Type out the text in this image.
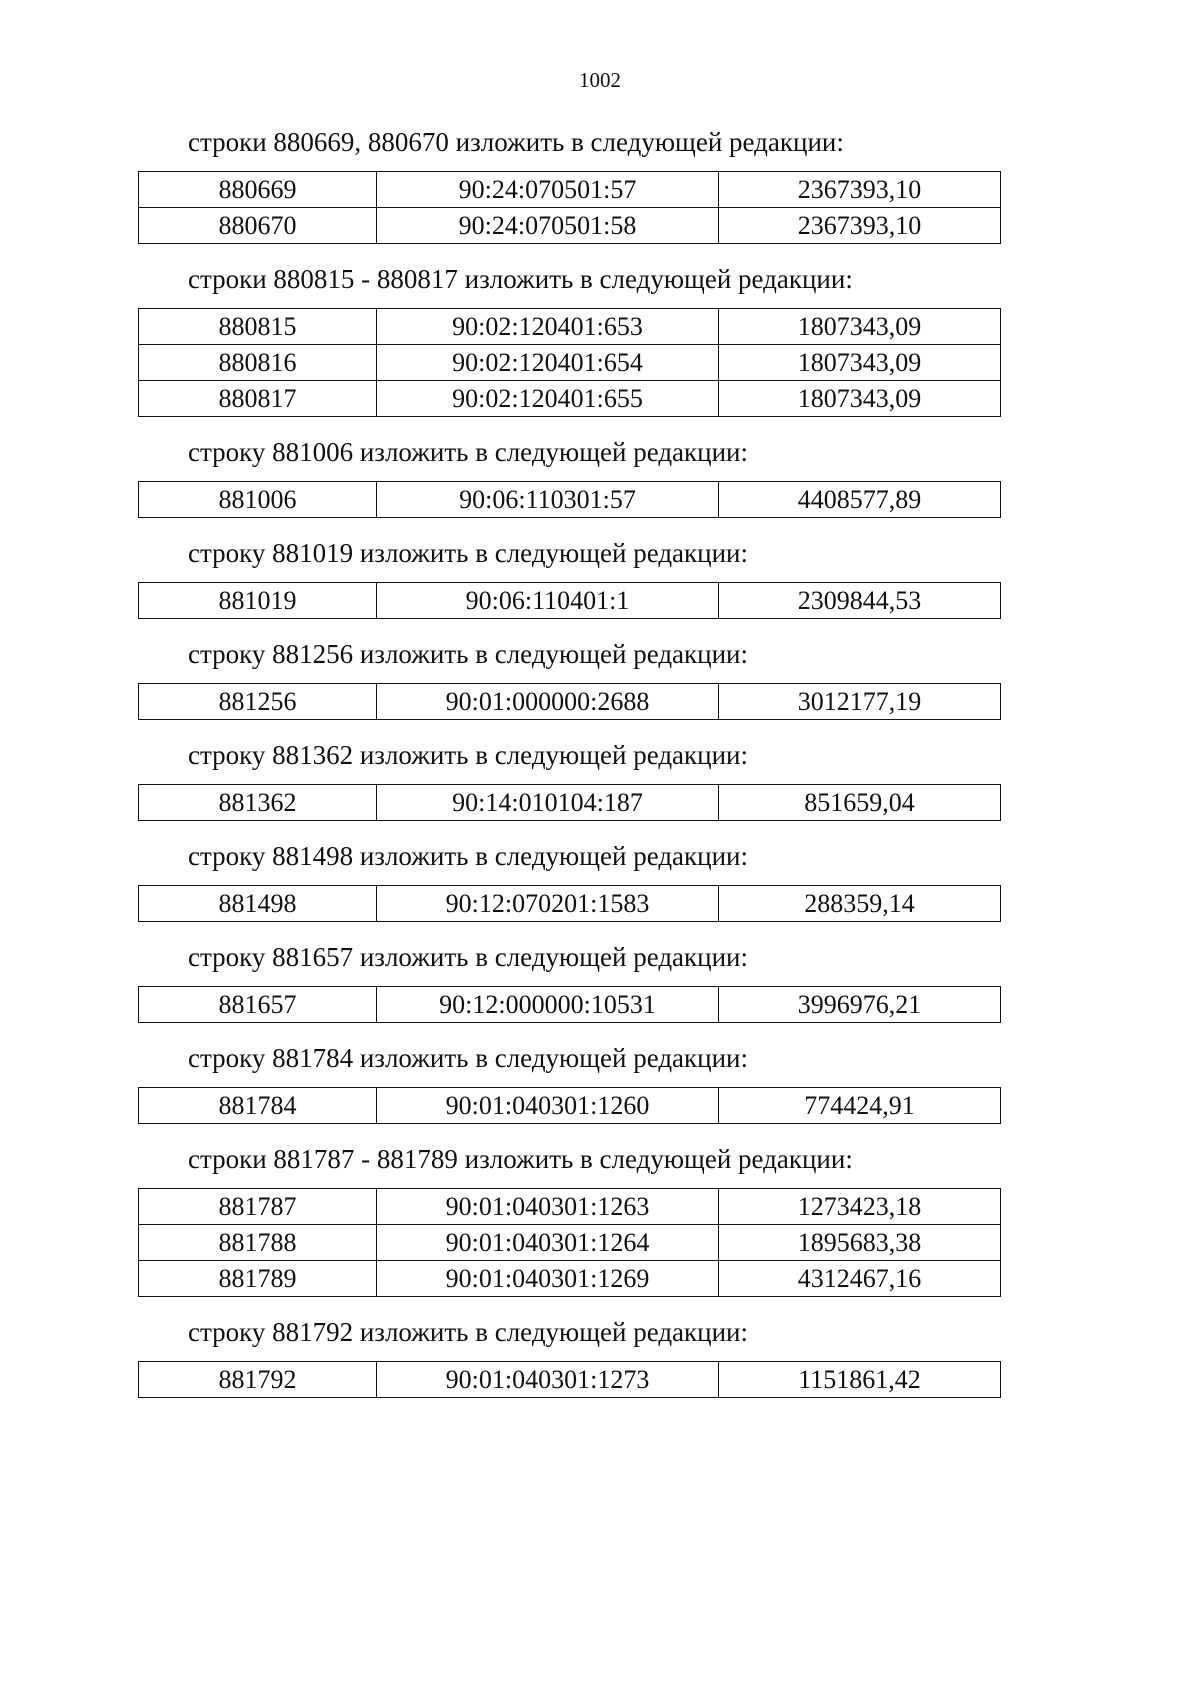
1002

строки 880669, 880670 изложить в следующей редакции:

880669	90:24:070501:57	2367393,10
880670	90:24:070501:58	2367393,10

строки 880815 - 880817 изложить в следующей редакции:

880815	90:02:120401:653	1807343,09
880816	90:02:120401:654	1807343,09
880817	90:02:120401:655	1807343,09

строку 881006 изложить в следующей редакции:

881006	90:06:110301:57	4408577,89

строку 881019 изложить в следующей редакции:

881019	90:06:110401:1	2309844,53

строку 881256 изложить в следующей редакции:

881256	90:01:000000:2688	3012177,19

строку 881362 изложить в следующей редакции:

881362	90:14:010104:187	851659,04

строку 881498 изложить в следующей редакции:

881498	90:12:070201:1583	288359,14

строку 881657 изложить в следующей редакции:

881657	90:12:000000:10531	3996976,21

строку 881784 изложить в следующей редакции:

881784	90:01:040301:1260	774424,91

строки 881787 - 881789 изложить в следующей редакции:

881787	90:01:040301:1263	1273423,18
881788	90:01:040301:1264	1895683,38
881789	90:01:040301:1269	4312467,16

строку 881792 изложить в следующей редакции:

881792	90:01:040301:1273	1151861,42
